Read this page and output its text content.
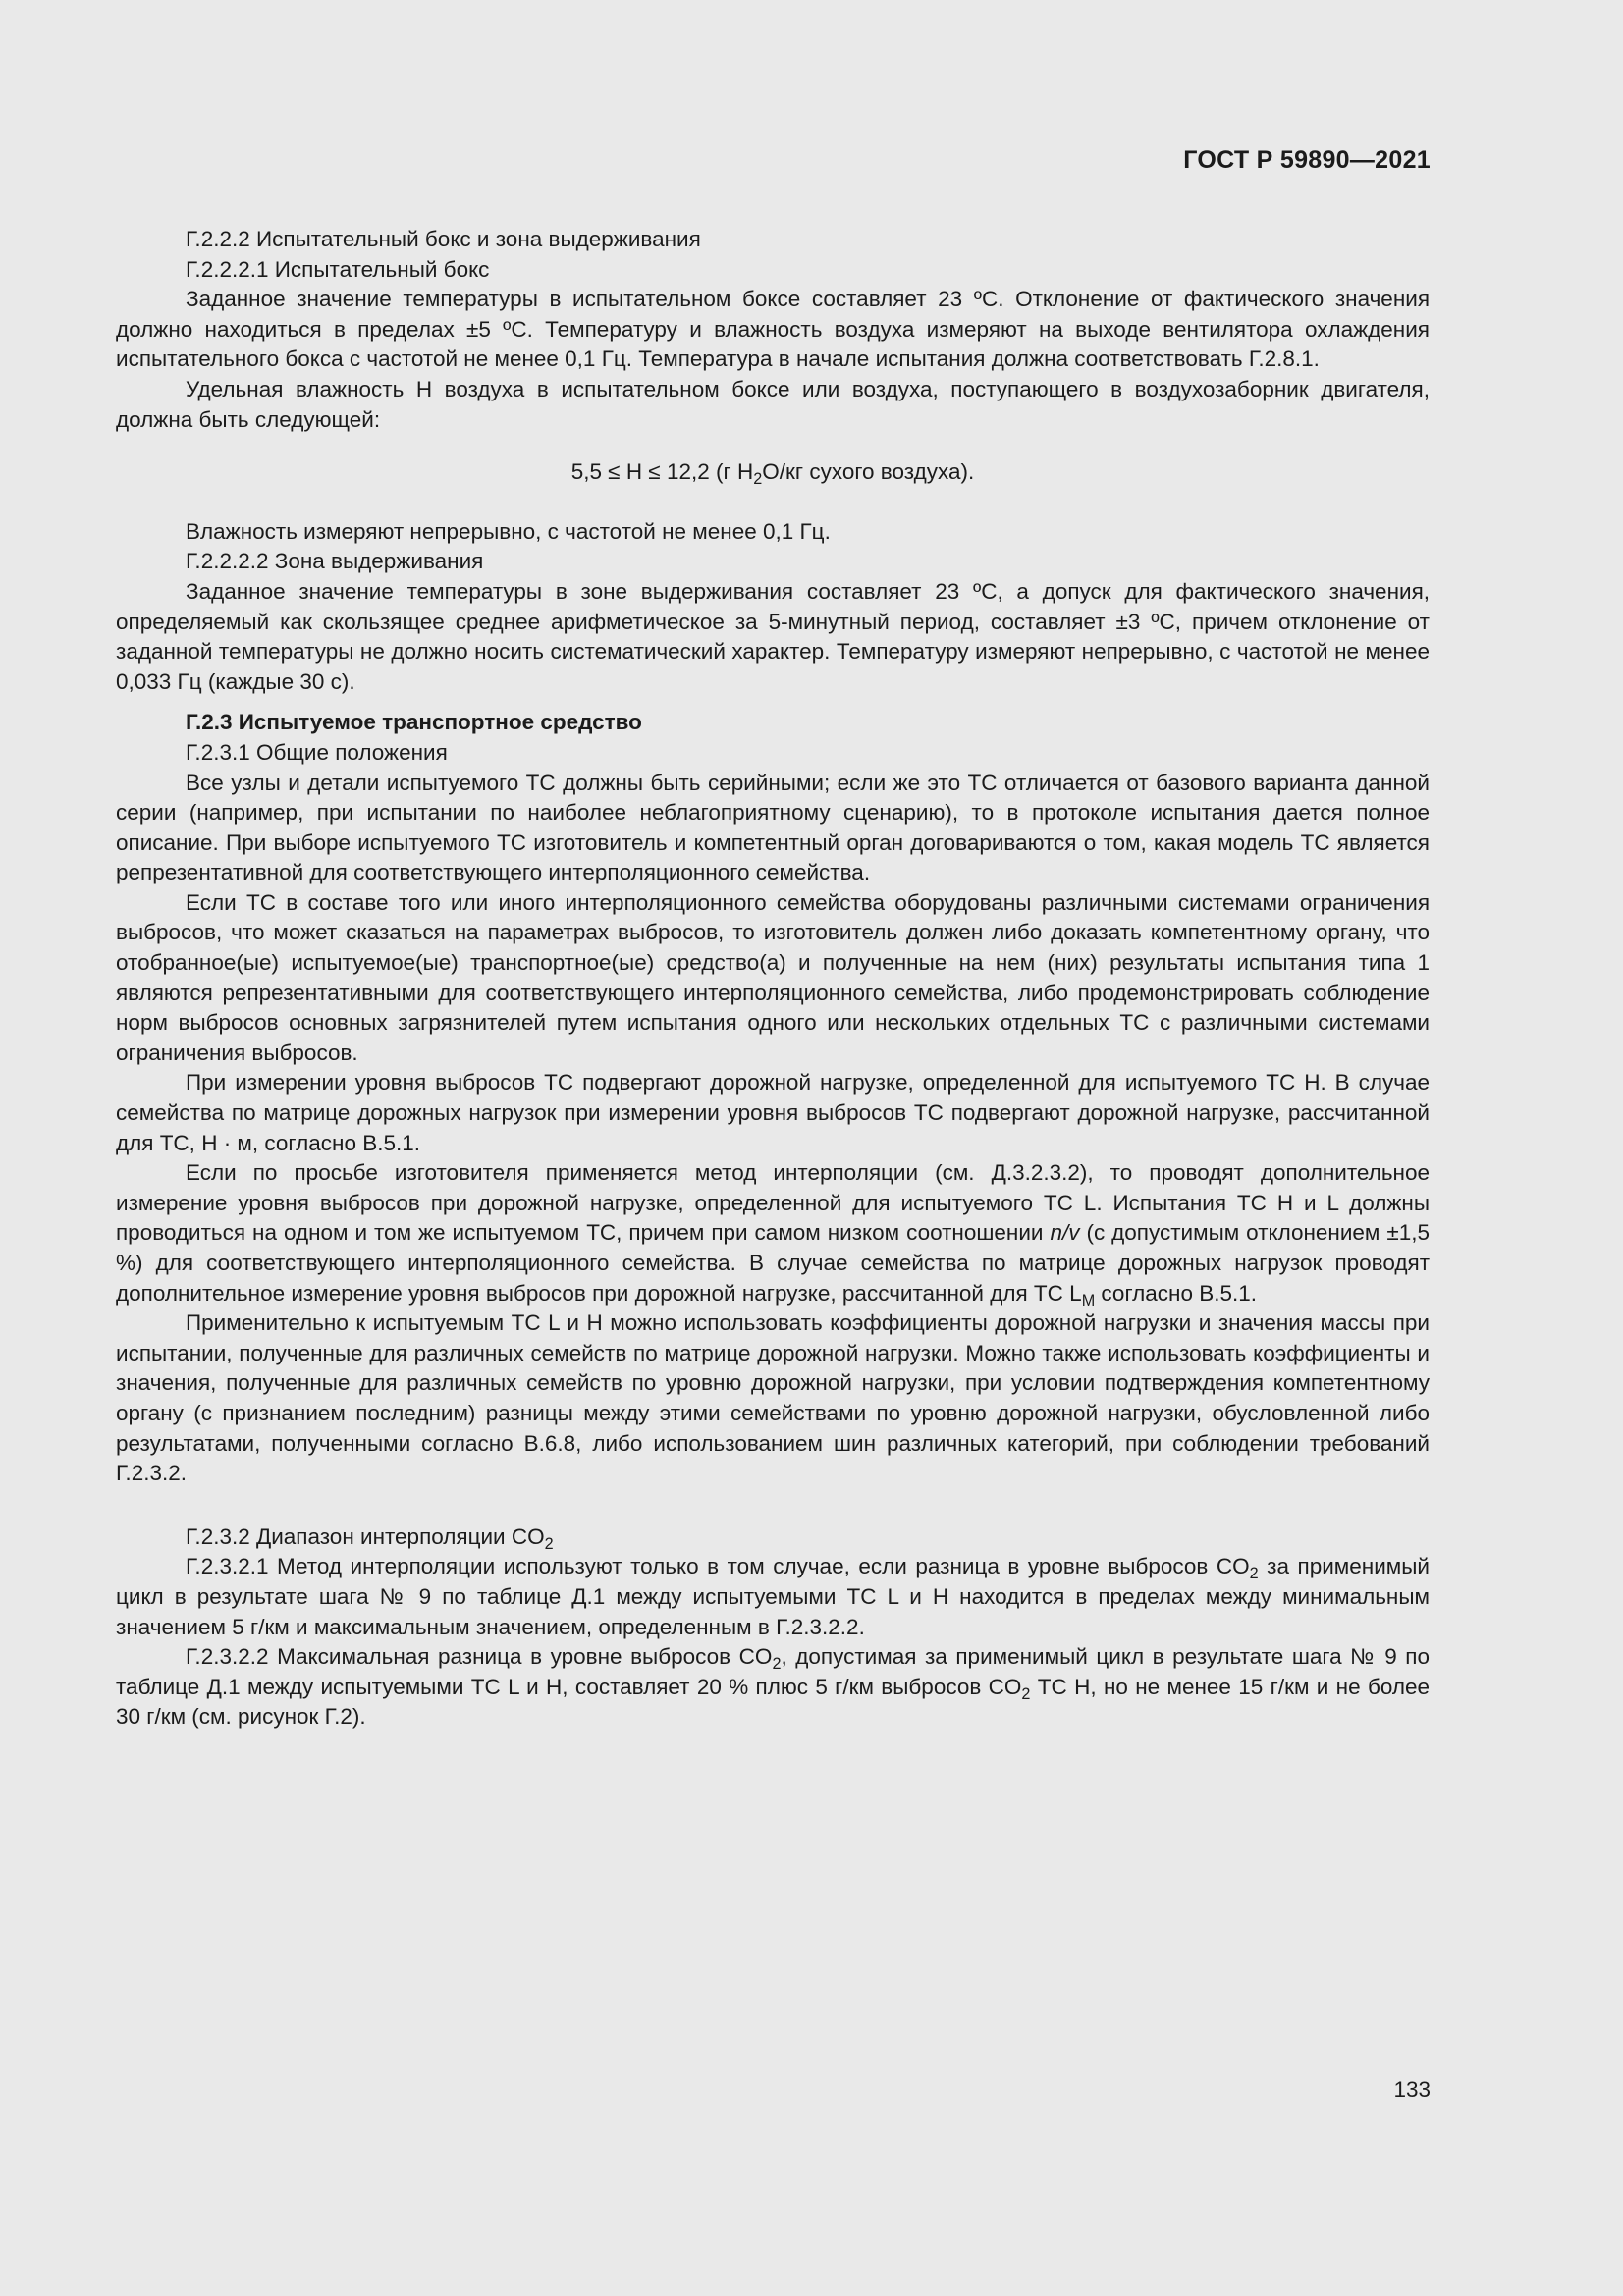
ГОСТ Р 59890—2021

Г.2.2.2 Испытательный бокс и зона выдерживания

Г.2.2.2.1 Испытательный бокс

Заданное значение температуры в испытательном боксе составляет 23 ºС. Отклонение от фактического значения должно находиться в пределах ±5 ºС. Температуру и влажность воздуха измеряют на выходе вентилятора охлаждения испытательного бокса с частотой не менее 0,1 Гц. Температура в начале испытания должна соответствовать Г.2.8.1.

Удельная влажность H воздуха в испытательном боксе или воздуха, поступающего в воздухозаборник двигателя, должна быть следующей:

5,5 ≤ H ≤ 12,2 (г $H_2O/кг$ сухого воздуха).

Влажность измеряют непрерывно, с частотой не менее 0,1 Гц.

Г.2.2.2.2 Зона выдерживания

Заданное значение температуры в зоне выдерживания составляет 23 ºС, а допуск для фактического значения, определяемый как скользящее среднее арифметическое за 5-минутный период, составляет ±3 ºС, причем отклонение от заданной температуры не должно носить систематический характер. Температуру измеряют непрерывно, с частотой не менее 0,033 Гц (каждые 30 с).

Г.2.3 Испытуемое транспортное средство

Г.2.3.1 Общие положения

Все узлы и детали испытуемого ТС должны быть серийными; если же это ТС отличается от базового варианта данной серии (например, при испытании по наиболее неблагоприятному сценарию), то в протоколе испытания дается полное описание. При выборе испытуемого ТС изготовитель и компетентный орган договариваются о том, какая модель ТС является репрезентативной для соответствующего интерполяционного семейства.

Если ТС в составе того или иного интерполяционного семейства оборудованы различными системами ограничения выбросов, что может сказаться на параметрах выбросов, то изготовитель должен либо доказать компетентному органу, что отобранное(ые) испытуемое(ые) транспортное(ые) средство(а) и полученные на нем (них) результаты испытания типа 1 являются репрезентативными для соответствующего интерполяционного семейства, либо продемонстрировать соблюдение норм выбросов основных загрязнителей путем испытания одного или нескольких отдельных ТС с различными системами ограничения выбросов.

При измерении уровня выбросов ТС подвергают дорожной нагрузке, определенной для испытуемого ТС H. В случае семейства по матрице дорожных нагрузок при измерении уровня выбросов ТС подвергают дорожной нагрузке, рассчитанной для ТС, H · м, согласно В.5.1.

Если по просьбе изготовителя применяется метод интерполяции (см. Д.3.2.3.2), то проводят дополнительное измерение уровня выбросов при дорожной нагрузке, определенной для испытуемого ТС L. Испытания ТС H и L должны проводиться на одном и том же испытуемом ТС, причем при самом низком соотношении n/v (с допустимым отклонением ±1,5 %) для соответствующего интерполяционного семейства. В случае семейства по матрице дорожных нагрузок проводят дополнительное измерение уровня выбросов при дорожной нагрузке, рассчитанной для ТС $L_M$ согласно В.5.1.

Применительно к испытуемым ТС L и H можно использовать коэффициенты дорожной нагрузки и значения массы при испытании, полученные для различных семейств по матрице дорожной нагрузки. Можно также использовать коэффициенты и значения, полученные для различных семейств по уровню дорожной нагрузки, при условии подтверждения компетентному органу (с признанием последним) разницы между этими семействами по уровню дорожной нагрузки, обусловленной либо результатами, полученными согласно В.6.8, либо использованием шин различных категорий, при соблюдении требований Г.2.3.2.

Г.2.3.2 Диапазон интерполяции $CO_2$

Г.2.3.2.1 Метод интерполяции используют только в том случае, если разница в уровне выбросов $CO_2$ за применимый цикл в результате шага № 9 по таблице Д.1 между испытуемыми ТС L и H находится в пределах между минимальным значением 5 г/км и максимальным значением, определенным в Г.2.3.2.2.

Г.2.3.2.2 Максимальная разница в уровне выбросов $CO_2$, допустимая за применимый цикл в результате шага № 9 по таблице Д.1 между испытуемыми ТС L и H, составляет 20 % плюс 5 г/км выбросов $CO_2$ ТС H, но не менее 15 г/км и не более 30 г/км (см. рисунок Г.2).

133
